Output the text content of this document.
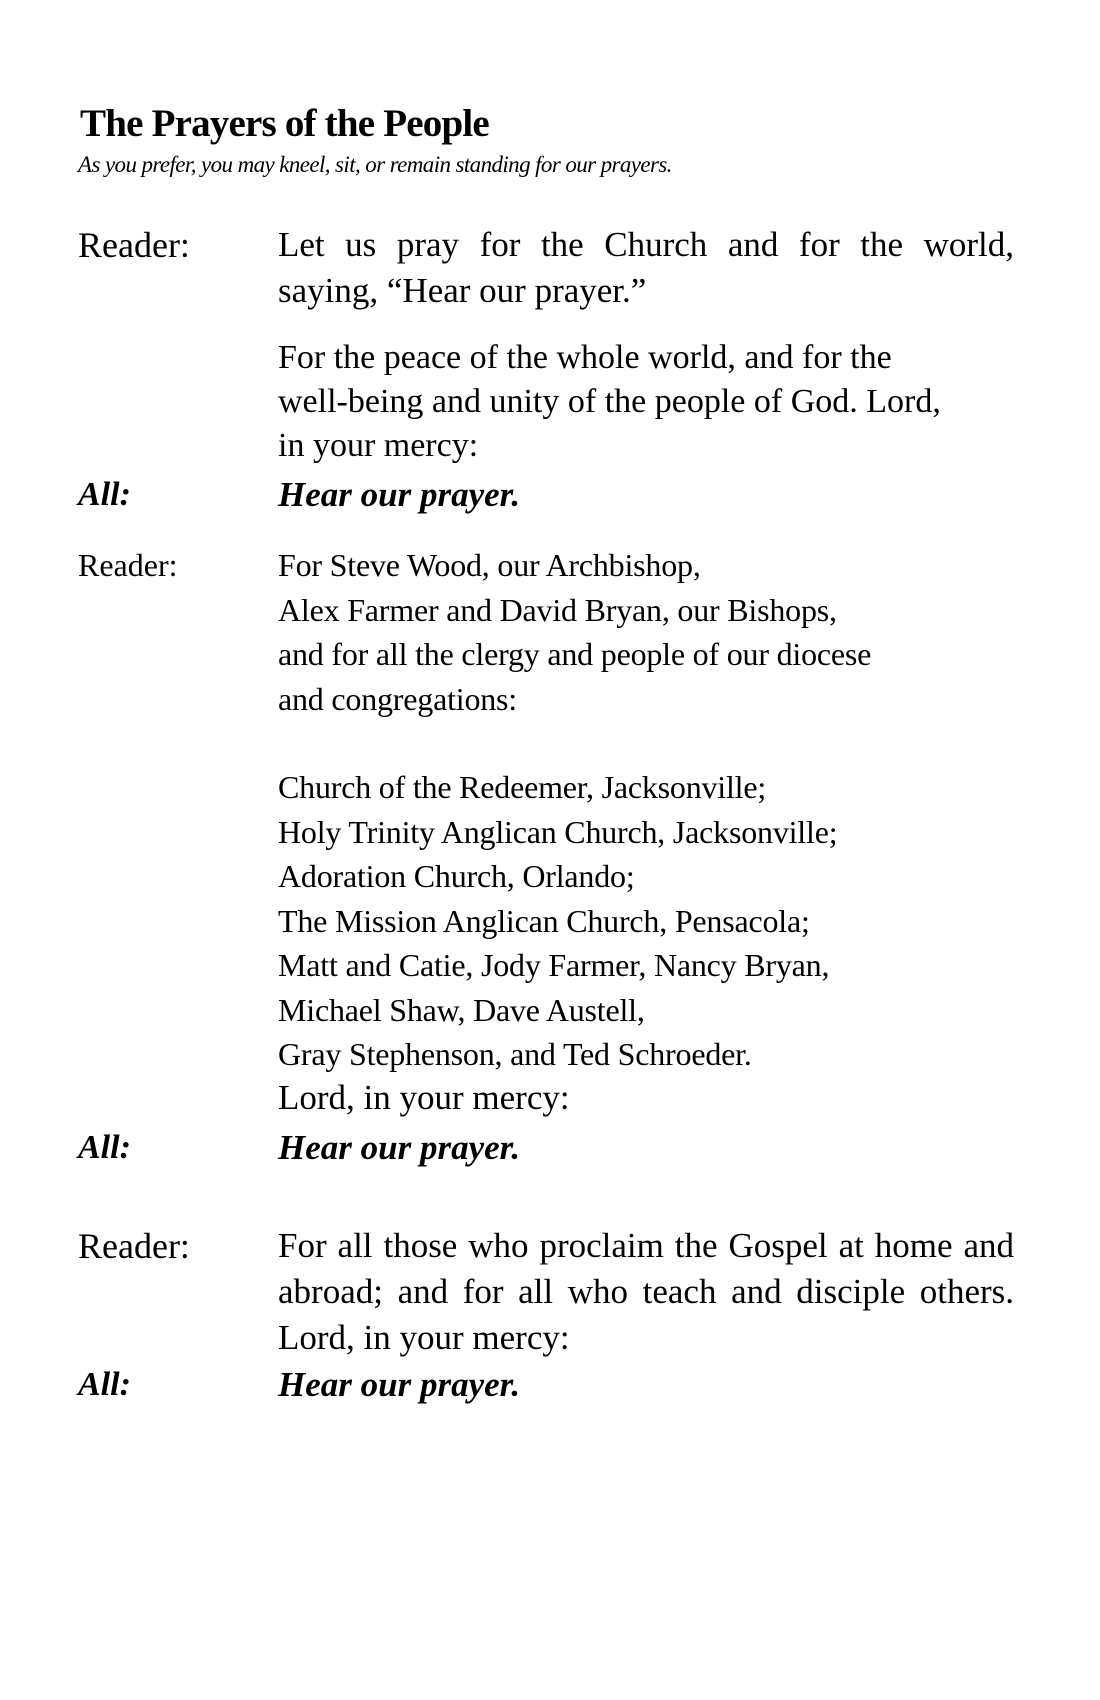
The Prayers of the People
As you prefer, you may kneel, sit, or remain standing for our prayers.
Reader:	Let us pray for the Church and for the world, saying, “Hear our prayer.”
For the peace of the whole world, and for the
well-being and unity of the people of God. Lord,
in your mercy:
All:	Hear our prayer.
Reader:	For Steve Wood, our Archbishop,
Alex Farmer and David Bryan, our Bishops,
and for all the clergy and people of our diocese
and congregations:
Church of the Redeemer, Jacksonville;
Holy Trinity Anglican Church, Jacksonville;
Adoration Church, Orlando;
The Mission Anglican Church, Pensacola;
Matt and Catie, Jody Farmer, Nancy Bryan,
Michael Shaw, Dave Austell,
Gray Stephenson, and Ted Schroeder.
Lord, in your mercy:
All:	Hear our prayer.
Reader:	For all those who proclaim the Gospel at home and abroad; and for all who teach and disciple others. Lord, in your mercy:
All:	Hear our prayer.
